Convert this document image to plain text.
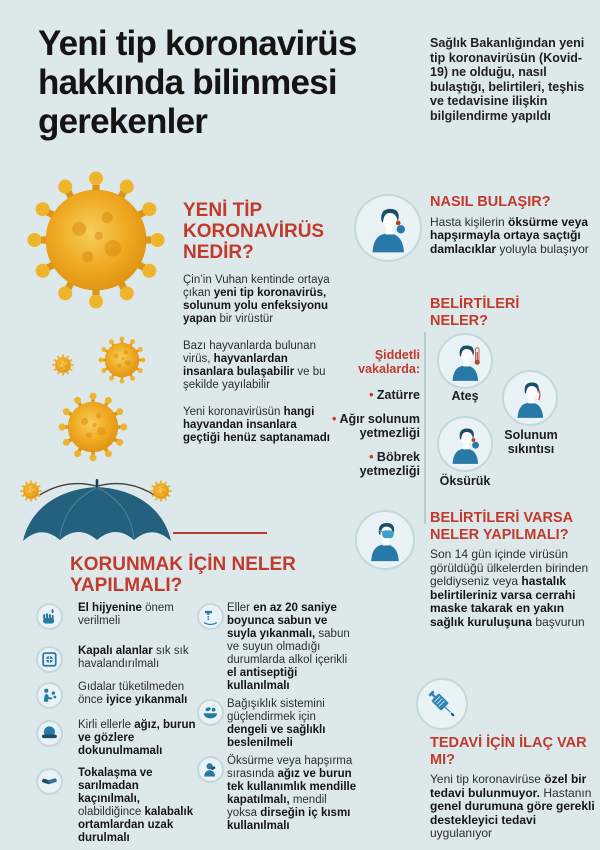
Yeni tip koronavirüs hakkında bilinmesi gerekenler
Sağlık Bakanlığından yeni tip koronavirüsün (Kovid-19) ne olduğu, nasıl bulaştığı, belirtileri, teşhis ve tedavisine ilişkin bilgilendirme yapıldı
YENİ TİP KORONAVİRÜS NEDİR?

Çin’in Vuhan kentinde ortaya çıkan yeni tip koronavirüs, solunum yolu enfeksiyonu yapan bir virüstür

Bazı hayvanlarda bulunan virüs, hayvanlardan insanlara bulaşabilir ve bu şekilde yayılabilir

Yeni koronavirüsün hangi hayvandan insanlara geçtiği henüz saptanamadı

NASIL BULAŞIR?
Hasta kişilerin öksürme veya hapşırmayla ortaya saçtığı damlacıklar yoluyla bulaşıyor
BELİRTİLERİ NELER?
Şiddetli vakalarda:
• Zatürre
• Ağır solunum yetmezliği
• Böbrek yetmezliği
Ateş
Solunum sıkıntısı
Öksürük
BELİRTİLERİ VARSA NELER YAPILMALI?
Son 14 gün içinde virüsün görüldüğü ülkelerden birinden geldiyseniz veya hastalık belirtileriniz varsa cerrahi maske takarak en yakın sağlık kuruluşuna başvurun
KORUNMAK İÇİN NELER YAPILMALI?
El hijyenine önem verilmeli
Kapalı alanlar sık sık havalandırılmalı
Gıdalar tüketilmeden önce iyice yıkanmalı
Kirli ellerle ağız, burun ve gözlere dokunulmamalı
Tokalaşma ve sarılmadan kaçınılmalı, olabildiğince kalabalık ortamlardan uzak durulmalı
Eller en az 20 saniye boyunca sabun ve suyla yıkanmalı, sabun ve suyun olmadığı durumlarda alkol içerikli el antiseptiği kullanılmalı
Bağışıklık sistemini güçlendirmek için dengeli ve sağlıklı beslenilmeli
Öksürme veya hapşırma sırasında ağız ve burun tek kullanımlık mendille kapatılmalı, mendil yoksa dirseğin iç kısmı kullanılmalı
TEDAVİ İÇİN İLAÇ VAR MI?
Yeni tip koronavirüse özel bir tedavi bulunmuyor. Hastanın genel durumuna göre gerekli destekleyici tedavi uygulanıyor
